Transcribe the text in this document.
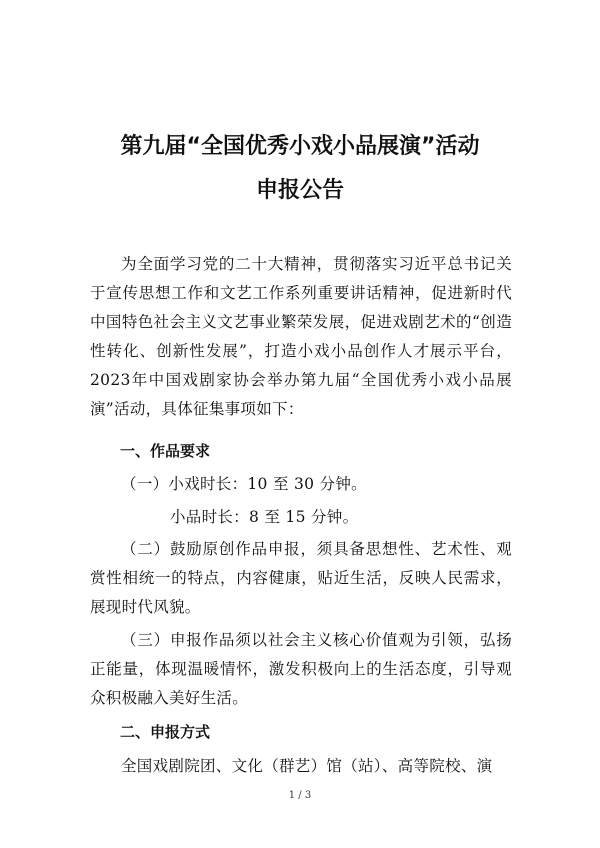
第九届“全国优秀小戏小品展演”活动
申报公告

为全面学习党的二十大精神，贯彻落实习近平总书记关于宣传思想工作和文艺工作系列重要讲话精神，促进新时代中国特色社会主义文艺事业繁荣发展，促进戏剧艺术的“创造性转化、创新性发展”，打造小戏小品创作人才展示平台，2023年中国戏剧家协会举办第九届“全国优秀小戏小品展演”活动，具体征集事项如下：

一、作品要求

（一）小戏时长：10 至 30 分钟。

小品时长：8 至 15 分钟。

（二）鼓励原创作品申报，须具备思想性、艺术性、观赏性相统一的特点，内容健康，贴近生活，反映人民需求，展现时代风貌。

（三）申报作品须以社会主义核心价值观为引领，弘扬正能量，体现温暖情怀，激发积极向上的生活态度，引导观众积极融入美好生活。

二、申报方式

全国戏剧院团、文化（群艺）馆（站）、高等院校、演

1 / 3
